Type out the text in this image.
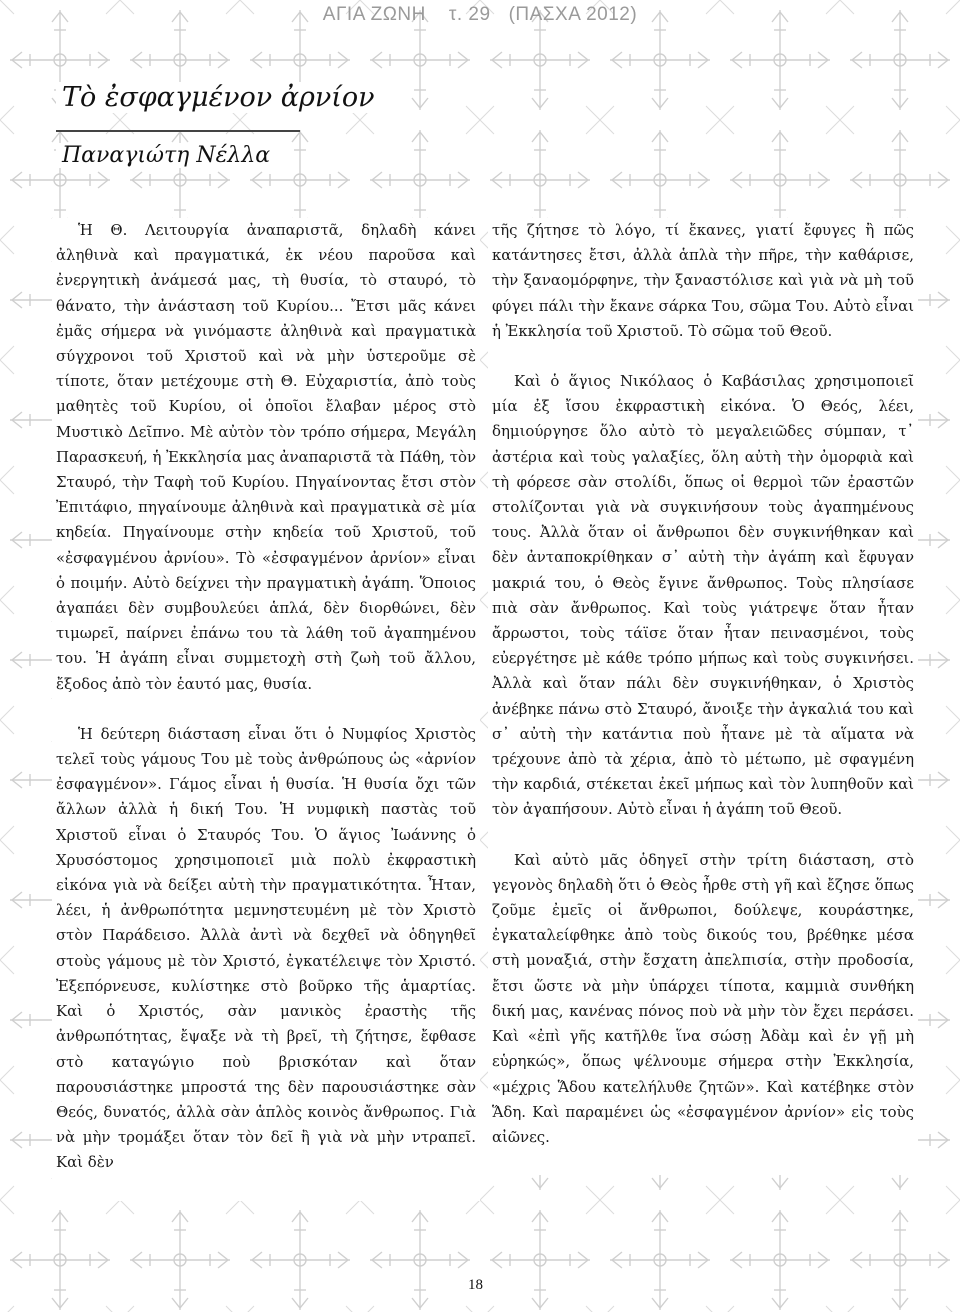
ΑΓΙΑ ΖΩΝΗ τ. 29 (ΠΑΣΧΑ 2012)
Τὸ ἐσφαγμένον ἀρνίον
Παναγιώτη Νέλλα

Ἡ Θ. Λειτουργία ἀναπαριστᾶ, δηλαδὴ κάνει ἀληθινὰ καὶ πραγματικά, ἐκ νέου παροῦσα καὶ ἐνεργητικὴ ἀνάμεσά μας, τὴ θυσία, τὸ σταυρό, τὸ θάνατο, τὴν ἀνάσταση τοῦ Κυρίου... Ἔτσι μᾶς κάνει ἐμᾶς σήμερα νὰ γινόμαστε ἀληθινὰ καὶ πραγματικὰ σύγχρονοι τοῦ Χριστοῦ καὶ νὰ μὴν ὑστεροῦμε σὲ τίποτε, ὅταν μετέχουμε στὴ Θ. Εὐχαριστία, ἀπὸ τοὺς μαθητὲς τοῦ Κυρίου, οἱ ὁποῖοι ἔλαβαν μέρος στὸ Μυστικὸ Δεῖπνο. Μὲ αὐτὸν τὸν τρόπο σήμερα, Μεγάλη Παρασκευή, ἡ Ἐκκλησία μας ἀναπαριστᾶ τὰ Πάθη, τὸν Σταυρό, τὴν Ταφὴ τοῦ Κυρίου. Πηγαίνοντας ἔτσι στὸν Ἐπιτάφιο, πηγαίνουμε ἀληθινὰ καὶ πραγματικὰ σὲ μία κηδεία. Πηγαίνουμε στὴν κηδεία τοῦ Χριστοῦ, τοῦ «ἐσφαγμένου ἀρνίου». Τὸ «ἐσφαγμένον ἀρνίον» εἶναι ὁ ποιμήν. Αὐτὸ δείχνει τὴν πραγματικὴ ἀγάπη. Ὅποιος ἀγαπάει δὲν συμβουλεύει ἁπλά, δὲν διορθώνει, δὲν τιμωρεῖ, παίρνει ἐπάνω του τὰ λάθη τοῦ ἀγαπημένου του. Ἡ ἀγάπη εἶναι συμμετοχὴ στὴ ζωὴ τοῦ ἄλλου, ἔξοδος ἀπὸ τὸν ἑαυτό μας, θυσία.

Ἡ δεύτερη διάσταση εἶναι ὅτι ὁ Νυμφίος Χριστὸς τελεῖ τοὺς γάμους Του μὲ τοὺς ἀνθρώπους ὡς «ἀρνίον ἐσφαγμένον». Γάμος εἶναι ἡ θυσία. Ἡ θυσία ὄχι τῶν ἄλλων ἀλλὰ ἡ δική Του. Ἡ νυμφικὴ παστὰς τοῦ Χριστοῦ εἶναι ὁ Σταυρός Του. Ὁ ἅγιος Ἰωάννης ὁ Χρυσόστομος χρησιμοποιεῖ μιὰ πολὺ ἐκφραστικὴ εἰκόνα γιὰ νὰ δείξει αὐτὴ τὴν πραγματικότητα. Ἦταν, λέει, ἡ ἀνθρωπότητα μεμνηστευμένη μὲ τὸν Χριστὸ στὸν Παράδεισο. Ἀλλὰ ἀντὶ νὰ δεχθεῖ νὰ ὁδηγηθεῖ στοὺς γάμους μὲ τὸν Χριστό, ἐγκατέλειψε τὸν Χριστό. Ἐξεπόρνευσε, κυλίστηκε στὸ βοῦρκο τῆς ἁμαρτίας. Καὶ ὁ Χριστός, σὰν μανικὸς ἐραστὴς τῆς ἀνθρωπότητας, ἔψαξε νὰ τὴ βρεῖ, τὴ ζήτησε, ἔφθασε στὸ καταγώγιο ποὺ βρισκόταν καὶ ὅταν παρουσιάστηκε μπροστά της δὲν παρουσιάστηκε σὰν Θεός, δυνατός, ἀλλὰ σὰν ἁπλὸς κοινὸς ἄνθρωπος. Γιὰ νὰ μὴν τρομάξει ὅταν τὸν δεῖ ἢ γιὰ νὰ μὴν ντραπεῖ. Καὶ δὲν

τῆς ζήτησε τὸ λόγο, τί ἔκανες, γιατί ἔφυγες ἢ πῶς κατάντησες ἔτσι, ἀλλὰ ἁπλὰ τὴν πῆρε, τὴν καθάρισε, τὴν ξαναομόρφηνε, τὴν ξαναστόλισε καὶ γιὰ νὰ μὴ τοῦ φύγει πάλι τὴν ἔκανε σάρκα Του, σῶμα Του. Αὐτὸ εἶναι ἡ Ἐκκλησία τοῦ Χριστοῦ. Τὸ σῶμα τοῦ Θεοῦ.

Καὶ ὁ ἅγιος Νικόλαος ὁ Καβάσιλας χρησιμοποιεῖ μία ἐξ ἴσου ἐκφραστικὴ εἰκόνα. Ὁ Θεός, λέει, δημιούργησε ὅλο αὐτὸ τὸ μεγαλειῶδες σύμπαν, τ᾽ ἀστέρια καὶ τοὺς γαλαξίες, ὅλη αὐτὴ τὴν ὀμορφιὰ καὶ τὴ φόρεσε σὰν στολίδι, ὅπως οἱ θερμοὶ τῶν ἐραστῶν στολίζονται γιὰ νὰ συγκινήσουν τοὺς ἀγαπημένους τους. Ἀλλὰ ὅταν οἱ ἄνθρωποι δὲν συγκινήθηκαν καὶ δὲν ἀνταποκρίθηκαν σ᾽ αὐτὴ τὴν ἀγάπη καὶ ἔφυγαν μακριά του, ὁ Θεὸς ἔγινε ἄνθρωπος. Τοὺς πλησίασε πιὰ σὰν ἄνθρωπος. Καὶ τοὺς γιάτρεψε ὅταν ἦταν ἄρρωστοι, τοὺς τάϊσε ὅταν ἦταν πεινασμένοι, τοὺς εὐεργέτησε μὲ κάθε τρόπο μήπως καὶ τοὺς συγκινήσει. Ἀλλὰ καὶ ὅταν πάλι δὲν συγκινήθηκαν, ὁ Χριστὸς ἀνέβηκε πάνω στὸ Σταυρό, ἄνοιξε τὴν ἀγκαλιά του καὶ σ᾽ αὐτὴ τὴν κατάντια ποὺ ἦτανε μὲ τὰ αἵματα νὰ τρέχουνε ἀπὸ τὰ χέρια, ἀπὸ τὸ μέτωπο, μὲ σφαγμένη τὴν καρδιά, στέκεται ἐκεῖ μήπως καὶ τὸν λυπηθοῦν καὶ τὸν ἀγαπήσουν. Αὐτὸ εἶναι ἡ ἀγάπη τοῦ Θεοῦ.

Καὶ αὐτὸ μᾶς ὁδηγεῖ στὴν τρίτη διάσταση, στὸ γεγονὸς δηλαδὴ ὅτι ὁ Θεὸς ἦρθε στὴ γῆ καὶ ἔζησε ὅπως ζοῦμε ἐμεῖς οἱ ἄνθρωποι, δούλεψε, κουράστηκε, ἐγκαταλείφθηκε ἀπὸ τοὺς δικούς του, βρέθηκε μέσα στὴ μοναξιά, στὴν ἔσχατη ἀπελπισία, στὴν προδοσία, ἔτσι ὥστε νὰ μὴν ὑπάρχει τίποτα, καμμιὰ συνθήκη δική μας, κανένας πόνος ποὺ νὰ μὴν τὸν ἔχει περάσει. Καὶ «ἐπὶ γῆς κατῆλθε ἵνα σώσῃ Ἀδὰμ καὶ ἐν γῇ μὴ εὑρηκώς», ὅπως ψέλνουμε σήμερα στὴν Ἐκκλησία, «μέχρις Ἅδου κατελήλυθε ζητῶν». Καὶ κατέβηκε στὸν Ἅδη. Καὶ παραμένει ὡς «ἐσφαγμένον ἀρνίον» εἰς τοὺς αἰῶνες.

18
